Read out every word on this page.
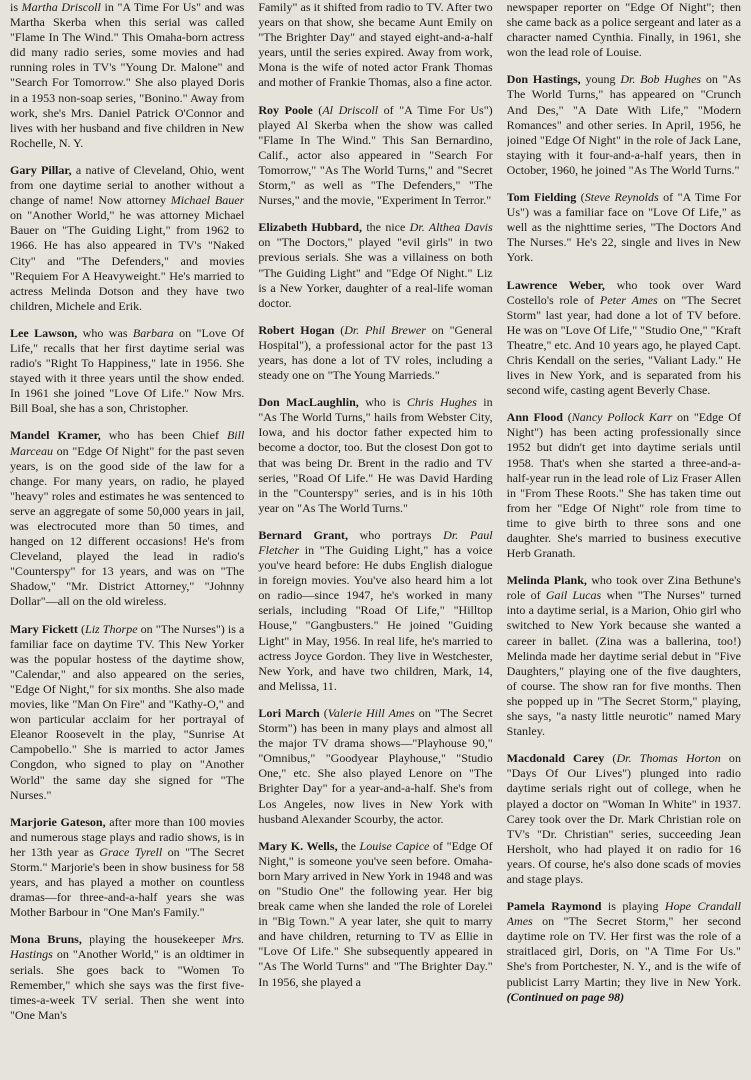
is Martha Driscoll in "A Time For Us" and was Martha Skerba when this serial was called "Flame In The Wind." This Omaha-born actress did many radio series, some movies and had running roles in TV's "Young Dr. Malone" and "Search For Tomorrow." She also played Doris in a 1953 non-soap series, "Bonino." Away from work, she's Mrs. Daniel Patrick O'Connor and lives with her husband and five children in New Rochelle, N. Y.

Gary Pillar, a native of Cleveland, Ohio, went from one daytime serial to another without a change of name! Now attorney Michael Bauer on "Another World," he was attorney Michael Bauer on "The Guiding Light," from 1962 to 1966. He has also appeared in TV's "Naked City" and "The Defenders," and movies "Requiem For A Heavyweight." He's married to actress Melinda Dotson and they have two children, Michele and Erik.

Lee Lawson, who was Barbara on "Love Of Life," recalls that her first daytime serial was radio's "Right To Happiness," late in 1956. She stayed with it three years until the show ended. In 1961 she joined "Love Of Life." Now Mrs. Bill Boal, she has a son, Christopher.

Mandel Kramer, who has been Chief Bill Marceau on "Edge Of Night" for the past seven years, is on the good side of the law for a change. For many years, on radio, he played "heavy" roles and estimates he was sentenced to serve an aggregate of some 50,000 years in jail, was electrocuted more than 50 times, and hanged on 12 different occasions! He's from Cleveland, played the lead in radio's "Counterspy" for 13 years, and was on "The Shadow," "Mr. District Attorney," "Johnny Dollar"—all on the old wireless.

Mary Fickett (Liz Thorpe on "The Nurses") is a familiar face on daytime TV. This New Yorker was the popular hostess of the daytime show, "Calendar," and also appeared on the series, "Edge Of Night," for six months. She also made movies, like "Man On Fire" and "Kathy-O," and won particular acclaim for her portrayal of Eleanor Roosevelt in the play, "Sunrise At Campobello." She is married to actor James Congdon, who signed to play on "Another World" the same day she signed for "The Nurses."

Marjorie Gateson, after more than 100 movies and numerous stage plays and radio shows, is in her 13th year as Grace Tyrell on "The Secret Storm." Marjorie's been in show business for 58 years, and has played a mother on countless dramas—for three-and-a-half years she was Mother Barbour in "One Man's Family."

Mona Bruns, playing the housekeeper Mrs. Hastings on "Another World," is an oldtimer in serials. She goes back to "Women To Remember," which she says was the first five-times-a-week TV serial. Then she went into "One Man's

Family" as it shifted from radio to TV. After two years on that show, she became Aunt Emily on "The Brighter Day" and stayed eight-and-a-half years, until the series expired. Away from work, Mona is the wife of noted actor Frank Thomas and mother of Frankie Thomas, also a fine actor.

Roy Poole (Al Driscoll of "A Time For Us") played Al Skerba when the show was called "Flame In The Wind." This San Bernardino, Calif., actor also appeared in "Search For Tomorrow," "As The World Turns," and "Secret Storm," as well as "The Defenders," "The Nurses," and the movie, "Experiment In Terror."

Elizabeth Hubbard, the nice Dr. Althea Davis on "The Doctors," played "evil girls" in two previous serials. She was a villainess on both "The Guiding Light" and "Edge Of Night." Liz is a New Yorker, daughter of a real-life woman doctor.

Robert Hogan (Dr. Phil Brewer on "General Hospital"), a professional actor for the past 13 years, has done a lot of TV roles, including a steady one on "The Young Marrieds."

Don MacLaughlin, who is Chris Hughes in "As The World Turns," hails from Webster City, Iowa, and his doctor father expected him to become a doctor, too. But the closest Don got to that was being Dr. Brent in the radio and TV series, "Road Of Life." He was David Harding in the "Counterspy" series, and is in his 10th year on "As The World Turns."

Bernard Grant, who portrays Dr. Paul Fletcher in "The Guiding Light," has a voice you've heard before: He dubs English dialogue in foreign movies. You've also heard him a lot on radio—since 1947, he's worked in many serials, including "Road Of Life," "Hilltop House," "Gangbusters." He joined "Guiding Light" in May, 1956. In real life, he's married to actress Joyce Gordon. They live in Westchester, New York, and have two children, Mark, 14, and Melissa, 11.

Lori March (Valerie Hill Ames on "The Secret Storm") has been in many plays and almost all the major TV drama shows—"Playhouse 90," "Omnibus," "Goodyear Playhouse," "Studio One," etc. She also played Lenore on "The Brighter Day" for a year-and-a-half. She's from Los Angeles, now lives in New York with husband Alexander Scourby, the actor.

Mary K. Wells, the Louise Capice of "Edge Of Night," is someone you've seen before. Omaha-born Mary arrived in New York in 1948 and was on "Studio One" the following year. Her big break came when she landed the role of Lorelei in "Big Town." A year later, she quit to marry and have children, returning to TV as Ellie in "Love Of Life." She subsequently appeared in "As The World Turns" and "The Brighter Day." In 1956, she played a

newspaper reporter on "Edge Of Night"; then she came back as a police sergeant and later as a character named Cynthia. Finally, in 1961, she won the lead role of Louise.

Don Hastings, young Dr. Bob Hughes on "As The World Turns," has appeared on "Crunch And Des," "A Date With Life," "Modern Romances" and other series. In April, 1956, he joined "Edge Of Night" in the role of Jack Lane, staying with it four-and-a-half years, then in October, 1960, he joined "As The World Turns."

Tom Fielding (Steve Reynolds of "A Time For Us") was a familiar face on "Love Of Life," as well as the nighttime series, "The Doctors And The Nurses." He's 22, single and lives in New York.

Lawrence Weber, who took over Ward Costello's role of Peter Ames on "The Secret Storm" last year, had done a lot of TV before. He was on "Love Of Life," "Studio One," "Kraft Theatre," etc. And 10 years ago, he played Capt. Chris Kendall on the series, "Valiant Lady." He lives in New York, and is separated from his second wife, casting agent Beverly Chase.

Ann Flood (Nancy Pollock Karr on "Edge Of Night") has been acting professionally since 1952 but didn't get into daytime serials until 1958. That's when she started a three-and-a-half-year run in the lead role of Liz Fraser Allen in "From These Roots." She has taken time out from her "Edge Of Night" role from time to time to give birth to three sons and one daughter. She's married to business executive Herb Granath.

Melinda Plank, who took over Zina Bethune's role of Gail Lucas when "The Nurses" turned into a daytime serial, is a Marion, Ohio girl who switched to New York because she wanted a career in ballet. (Zina was a ballerina, too!) Melinda made her daytime serial debut in "Five Daughters," playing one of the five daughters, of course. The show ran for five months. Then she popped up in "The Secret Storm," playing, she says, "a nasty little neurotic" named Mary Stanley.

Macdonald Carey (Dr. Thomas Horton on "Days Of Our Lives") plunged into radio daytime serials right out of college, when he played a doctor on "Woman In White" in 1937. Carey took over the Dr. Mark Christian role on TV's "Dr. Christian" series, succeeding Jean Hersholt, who had played it on radio for 16 years. Of course, he's also done scads of movies and stage plays.

Pamela Raymond is playing Hope Crandall Ames on "The Secret Storm," her second daytime role on TV. Her first was the role of a straitlaced girl, Doris, on "A Time For Us." She's from Portchester, N. Y., and is the wife of publicist Larry Martin; they live in New York. (Continued on page 98)
